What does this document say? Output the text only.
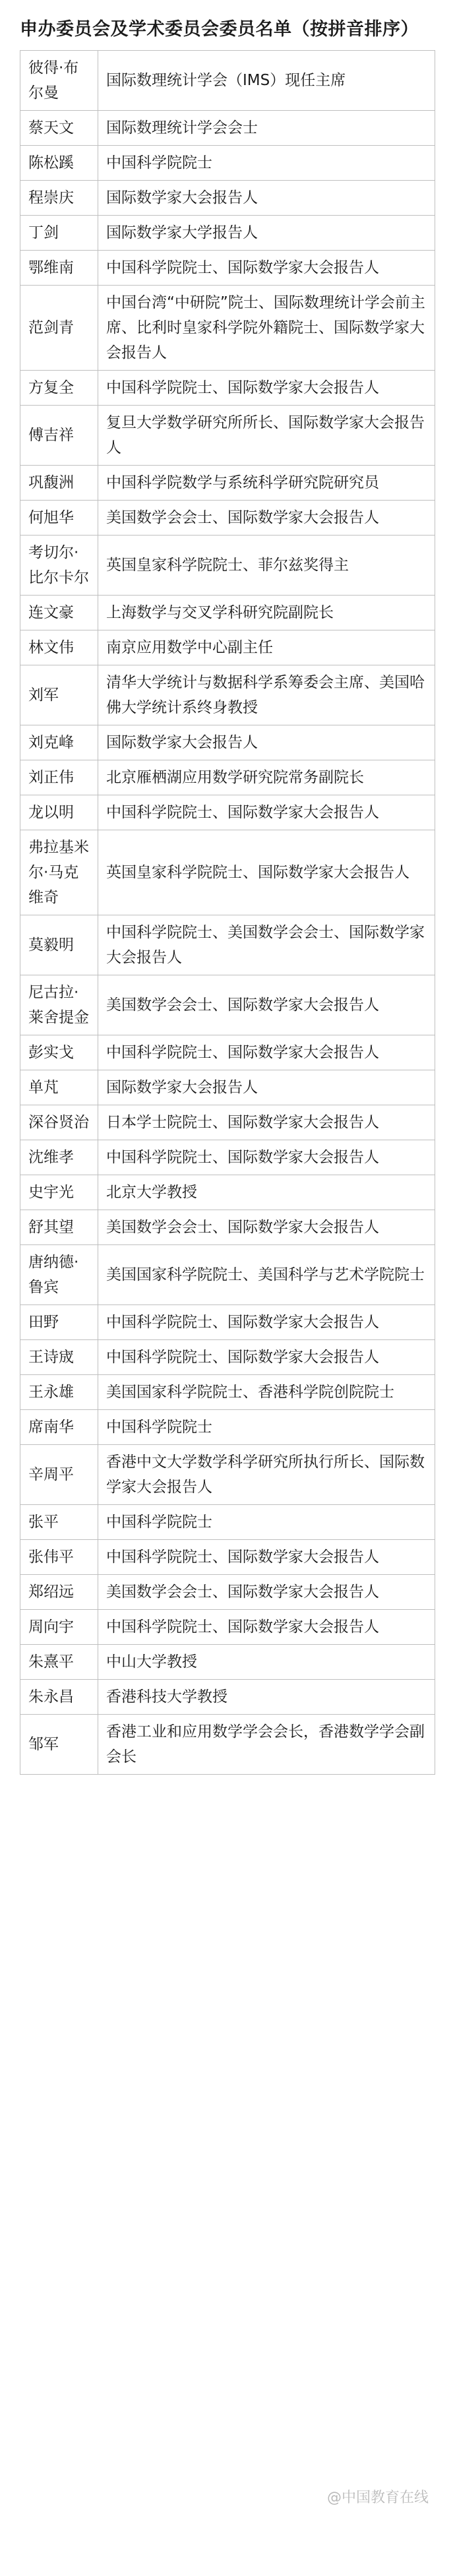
申办委员会及学术委员会委员名单（按拼音排序）
彼得·布尔曼	国际数理统计学会（IMS）现任主席
蔡天文	国际数理统计学会会士
陈松蹊	中国科学院院士
程崇庆	国际数学家大会报告人
丁剑	国际数学家大学报告人
鄂维南	中国科学院院士、国际数学家大会报告人
范剑青	中国台湾“中研院”院士、国际数理统计学会前主席、比利时皇家科学院外籍院士、国际数学家大会报告人
方复全	中国科学院院士、国际数学家大会报告人
傅吉祥	复旦大学数学研究所所长、国际数学家大会报告人
巩馥洲	中国科学院数学与系统科学研究院研究员
何旭华	美国数学会会士、国际数学家大会报告人
考切尔·比尔卡尔	英国皇家科学院院士、菲尔兹奖得主
连文豪	上海数学与交叉学科研究院副院长
林文伟	南京应用数学中心副主任
刘军	清华大学统计与数据科学系筹委会主席、美国哈佛大学统计系终身教授
刘克峰	国际数学家大会报告人
刘正伟	北京雁栖湖应用数学研究院常务副院长
龙以明	中国科学院院士、国际数学家大会报告人
弗拉基米尔·马克维奇	英国皇家科学院院士、国际数学家大会报告人
莫毅明	中国科学院院士、美国数学会会士、国际数学家大会报告人
尼古拉·莱舍提金	美国数学会会士、国际数学家大会报告人
彭实戈	中国科学院院士、国际数学家大会报告人
单芃	国际数学家大会报告人
深谷贤治	日本学士院院士、国际数学家大会报告人
沈维孝	中国科学院院士、国际数学家大会报告人
史宇光	北京大学教授
舒其望	美国数学会会士、国际数学家大会报告人
唐纳德·鲁宾	美国国家科学院院士、美国科学与艺术学院院士
田野	中国科学院院士、国际数学家大会报告人
王诗宬	中国科学院院士、国际数学家大会报告人
王永雄	美国国家科学院院士、香港科学院创院院士
席南华	中国科学院院士
辛周平	香港中文大学数学科学研究所执行所长、国际数学家大会报告人
张平	中国科学院院士
张伟平	中国科学院院士、国际数学家大会报告人
郑绍远	美国数学会会士、国际数学家大会报告人
周向宇	中国科学院院士、国际数学家大会报告人
朱熹平	中山大学教授
朱永昌	香港科技大学教授
邹军	香港工业和应用数学学会会长，香港数学学会副会长
@中国教育在线
